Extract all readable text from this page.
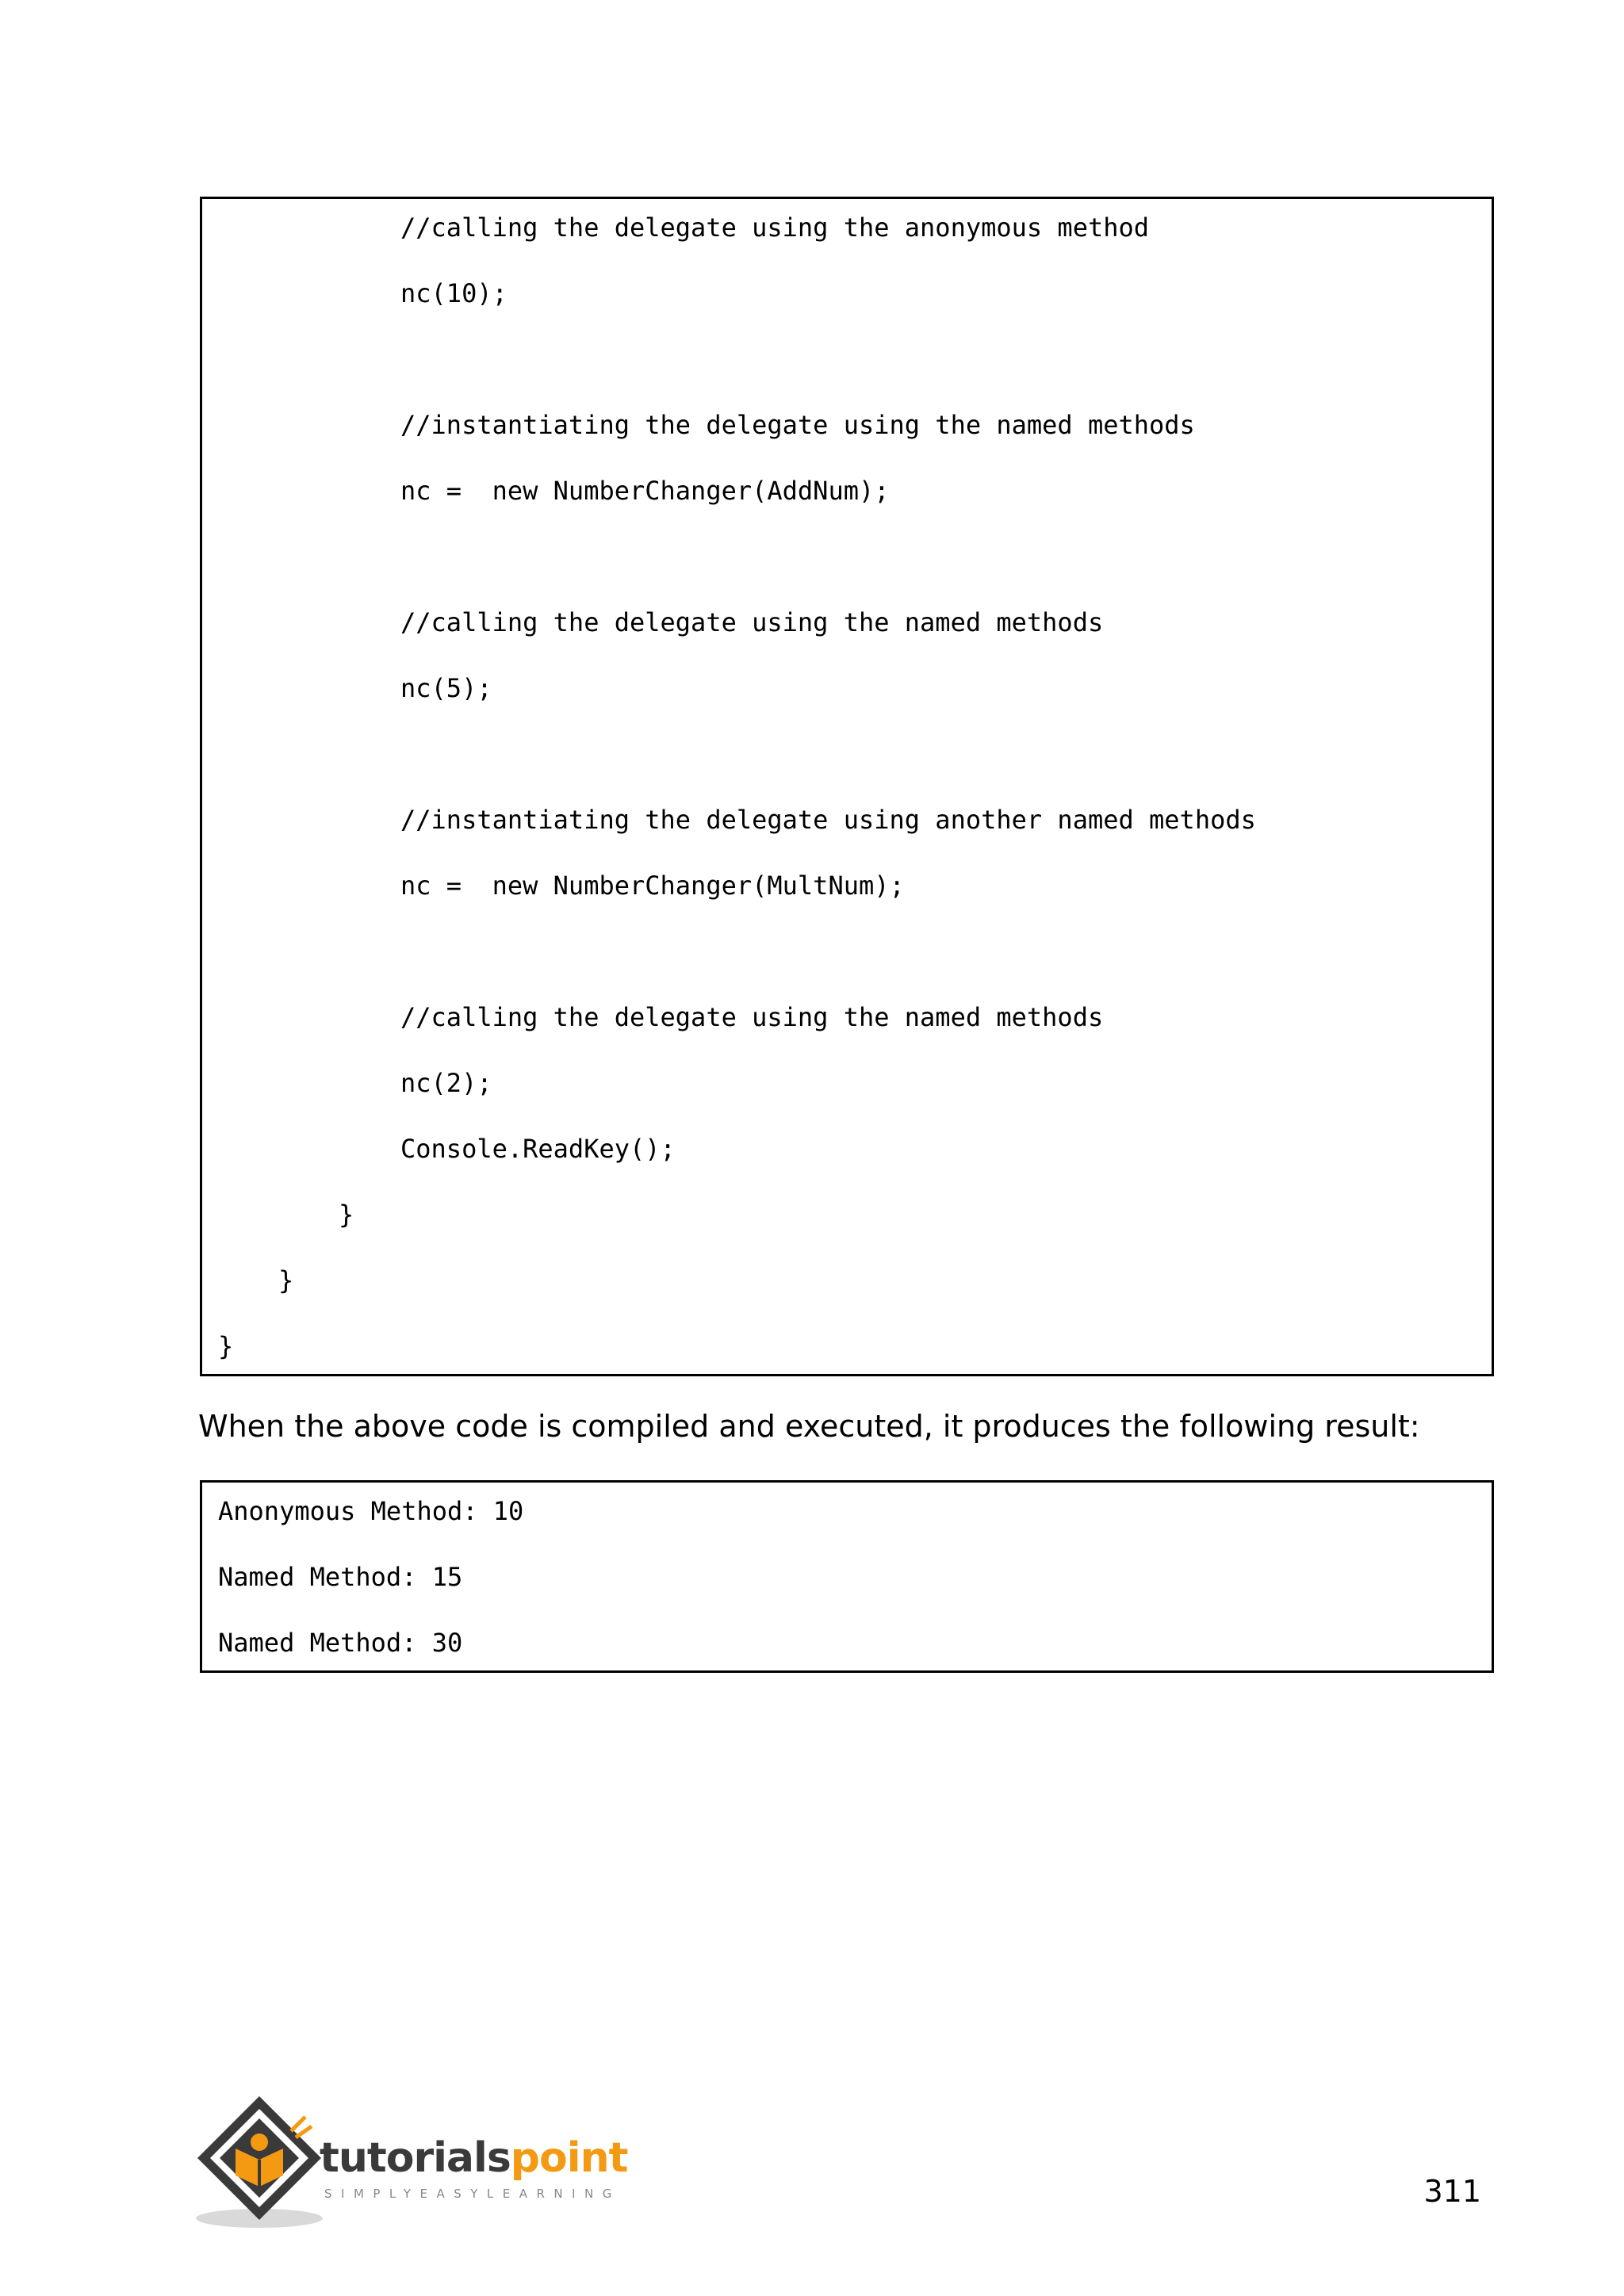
//calling the delegate using the anonymous method
nc(10);
//instantiating the delegate using the named methods
nc =  new NumberChanger(AddNum);
//calling the delegate using the named methods
nc(5);
//instantiating the delegate using another named methods
nc =  new NumberChanger(MultNum);
//calling the delegate using the named methods
nc(2);
Console.ReadKey();
}
}
}
When the above code is compiled and executed, it produces the following result:
Anonymous Method: 10
Named Method: 15
Named Method: 30
tutorialspoint
SIMPLYEASYLEARNING	311
